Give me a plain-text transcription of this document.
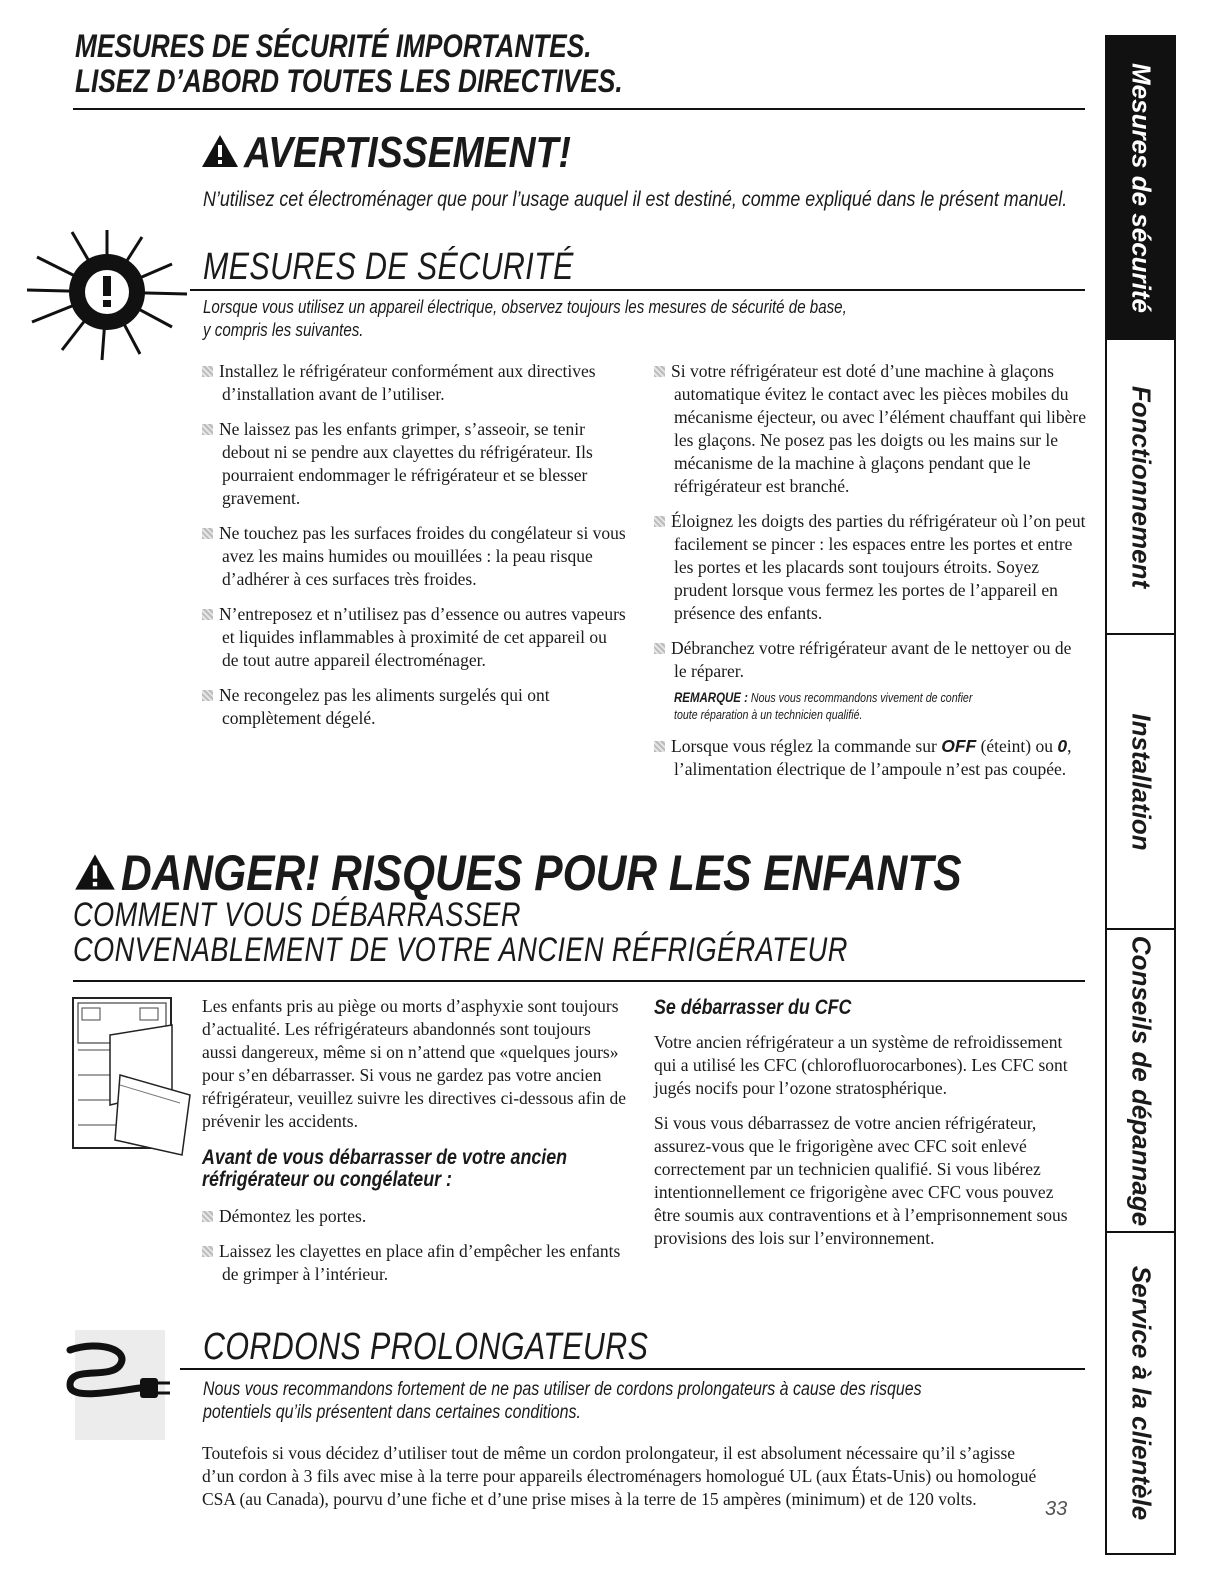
MESURES DE SÉCURITÉ IMPORTANTES.
LISEZ D’ABORD TOUTES LES DIRECTIVES.
AVERTISSEMENT!
N’utilisez cet électroménager que pour l’usage auquel il est destiné, comme expliqué dans le présent manuel.
MESURES DE SÉCURITÉ
Lorsque vous utilisez un appareil électrique, observez toujours les mesures de sécurité de base,
y compris les suivantes.

Installez le réfrigérateur conformément aux directives d’installation avant de l’utiliser.

Ne laissez pas les enfants grimper, s’asseoir, se tenir debout ni se pendre aux clayettes du réfrigérateur. Ils pourraient endommager le réfrigérateur et se blesser gravement.

Ne touchez pas les surfaces froides du congélateur si vous avez les mains humides ou mouillées : la peau risque d’adhérer à ces surfaces très froides.

N’entreposez et n’utilisez pas d’essence ou autres vapeurs et liquides inflammables à proximité de cet appareil ou de tout autre appareil électroménager.

Ne recongelez pas les aliments surgelés qui ont complètement dégelé.

Si votre réfrigérateur est doté d’une machine à glaçons automatique évitez le contact avec les pièces mobiles du mécanisme éjecteur, ou avec l’élément chauffant qui libère les glaçons. Ne posez pas les doigts ou les mains sur le mécanisme de la machine à glaçons pendant que le réfrigérateur est branché.

Éloignez les doigts des parties du réfrigérateur où l’on peut facilement se pincer : les espaces entre les portes et entre les portes et les placards sont toujours étroits. Soyez prudent lorsque vous fermez les portes de l’appareil en présence des enfants.

Débranchez votre réfrigérateur avant de le nettoyer ou de le réparer.

REMARQUE : Nous vous recommandons vivement de confier
toute réparation à un technicien qualifié.

Lorsque vous réglez la commande sur OFF (éteint) ou 0, l’alimentation électrique de l’ampoule n’est pas coupée.

DANGER! RISQUES POUR LES ENFANTS
COMMENT VOUS DÉBARRASSER
CONVENABLEMENT DE VOTRE ANCIEN RÉFRIGÉRATEUR

Les enfants pris au piège ou morts d’asphyxie sont toujours d’actualité. Les réfrigérateurs abandonnés sont toujours aussi dangereux, même si on n’attend que «quelques jours» pour s’en débarrasser. Si vous ne gardez pas votre ancien réfrigérateur, veuillez suivre les directives ci-dessous afin de prévenir les accidents.

Avant de vous débarrasser de votre ancien

réfrigérateur ou congélateur :

Démontez les portes.

Laissez les clayettes en place afin d’empêcher les enfants de grimper à l’intérieur.

Se débarrasser du CFC

Votre ancien réfrigérateur a un système de refroidissement qui a utilisé les CFC (chlorofluorocarbones). Les CFC sont jugés nocifs pour l’ozone stratosphérique.

Si vous vous débarrassez de votre ancien réfrigérateur, assurez-vous que le frigorigène avec CFC soit enlevé correctement par un technicien qualifié. Si vous libérez intentionnellement ce frigorigène avec CFC vous pouvez être soumis aux contraventions et à l’emprisonnement sous provisions des lois sur l’environnement.

CORDONS PROLONGATEURS
Nous vous recommandons fortement de ne pas utiliser de cordons prolongateurs à cause des risques
potentiels qu’ils présentent dans certaines conditions.

Toutefois si vous décidez d’utiliser tout de même un cordon prolongateur, il est absolument nécessaire qu’il s’agisse d’un cordon à 3 fils avec mise à la terre pour appareils électroménagers homologué UL (aux États-Unis) ou homologué CSA (au Canada), pourvu d’une fiche et d’une prise mises à la terre de 15 ampères (minimum) et de 120 volts.	33
Mesures de sécurité
Fonctionnement
Installation
Conseils de dépannage
Service à la clientèle
